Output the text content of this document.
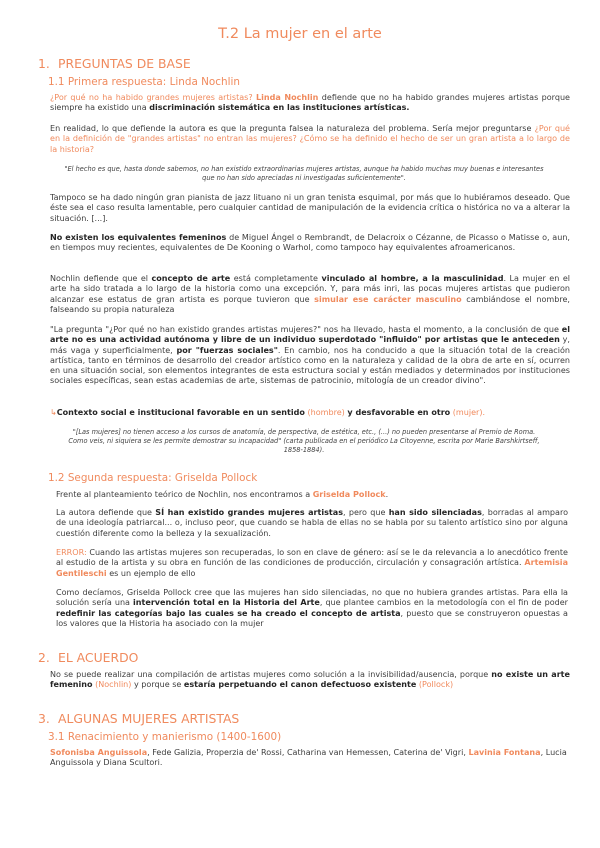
T.2 La mujer en el arte
1. PREGUNTAS DE BASE
1.1 Primera respuesta: Linda Nochlin

¿Por qué no ha habido grandes mujeres artistas? Linda Nochlin defiende que no ha habido grandes mujeres artistas porque siempre ha existido una discriminación sistemática en las instituciones artísticas.

En realidad, lo que defiende la autora es que la pregunta falsea la naturaleza del problema. Sería mejor preguntarse ¿Por qué en la definición de "grandes artistas" no entran las mujeres? ¿Cómo se ha definido el hecho de ser un gran artista a lo largo de la historia?

"El hecho es que, hasta donde sabemos, no han existido extraordinarias mujeres artistas, aunque ha habido muchas muy buenas e interesantes que no han sido apreciadas ni investigadas suficientemente".

Tampoco se ha dado ningún gran pianista de jazz lituano ni un gran tenista esquimal, por más que lo hubiéramos deseado. Que éste sea el caso resulta lamentable, pero cualquier cantidad de manipulación de la evidencia crítica o histórica no va a alterar la situación. [...].

No existen los equivalentes femeninos de Miguel Ángel o Rembrandt, de Delacroix o Cézanne, de Picasso o Matisse o, aun, en tiempos muy recientes, equivalentes de De Kooning o Warhol, como tampoco hay equivalentes afroamericanos.

Nochlin defiende que el concepto de arte está completamente vinculado al hombre, a la masculinidad. La mujer en el arte ha sido tratada a lo largo de la historia como una excepción. Y, para más inri, las pocas mujeres artistas que pudieron alcanzar ese estatus de gran artista es porque tuvieron que simular ese carácter masculino cambiándose el nombre, falseando su propia naturaleza

"La pregunta "¿Por qué no han existido grandes artistas mujeres?" nos ha llevado, hasta el momento, a la conclusión de que el arte no es una actividad autónoma y libre de un individuo superdotado "influido" por artistas que le anteceden y, más vaga y superficialmente, por "fuerzas sociales". En cambio, nos ha conducido a que la situación total de la creación artística, tanto en términos de desarrollo del creador artístico como en la naturaleza y calidad de la obra de arte en sí, ocurren en una situación social, son elementos integrantes de esta estructura social y están mediados y determinados por instituciones sociales específicas, sean estas academias de arte, sistemas de patrocinio, mitología de un creador divino".

↳Contexto social e institucional favorable en un sentido (hombre) y desfavorable en otro (mujer).

"[Las mujeres] no tienen acceso a los cursos de anatomía, de perspectiva, de estética, etc., (...) no pueden presentarse al Premio de Roma. Como veis, ni siquiera se les permite demostrar su incapacidad" (carta publicada en el periódico La Citoyenne, escrita por Marie Barshkirtseff, 1858-1884).

1.2 Segunda respuesta: Griselda Pollock

Frente al planteamiento teórico de Nochlin, nos encontramos a Griselda Pollock.

La autora defiende que SÍ han existido grandes mujeres artistas, pero que han sido silenciadas, borradas al amparo de una ideología patriarcal... o, incluso peor, que cuando se habla de ellas no se habla por su talento artístico sino por alguna cuestión diferente como la belleza y la sexualización.

ERROR: Cuando las artistas mujeres son recuperadas, lo son en clave de género: así se le da relevancia a lo anecdótico frente al estudio de la artista y su obra en función de las condiciones de producción, circulación y consagración artística. Artemisia Gentileschi es un ejemplo de ello

Como decíamos, Griselda Pollock cree que las mujeres han sido silenciadas, no que no hubiera grandes artistas. Para ella la solución sería una intervención total en la Historia del Arte, que plantee cambios en la metodología con el fin de poder redefinir las categorías bajo las cuales se ha creado el concepto de artista, puesto que se construyeron opuestas a los valores que la Historia ha asociado con la mujer

2. EL ACUERDO

No se puede realizar una compilación de artistas mujeres como solución a la invisibilidad/ausencia, porque no existe un arte femenino (Nochlin) y porque se estaría perpetuando el canon defectuoso existente (Pollock)

3. ALGUNAS MUJERES ARTISTAS
3.1 Renacimiento y manierismo (1400-1600)

Sofonisba Anguissola, Fede Galizia, Properzia de' Rossi, Catharina van Hemessen, Caterina de' Vigri, Lavinia Fontana, Lucia Anguissola y Diana Scultori.
